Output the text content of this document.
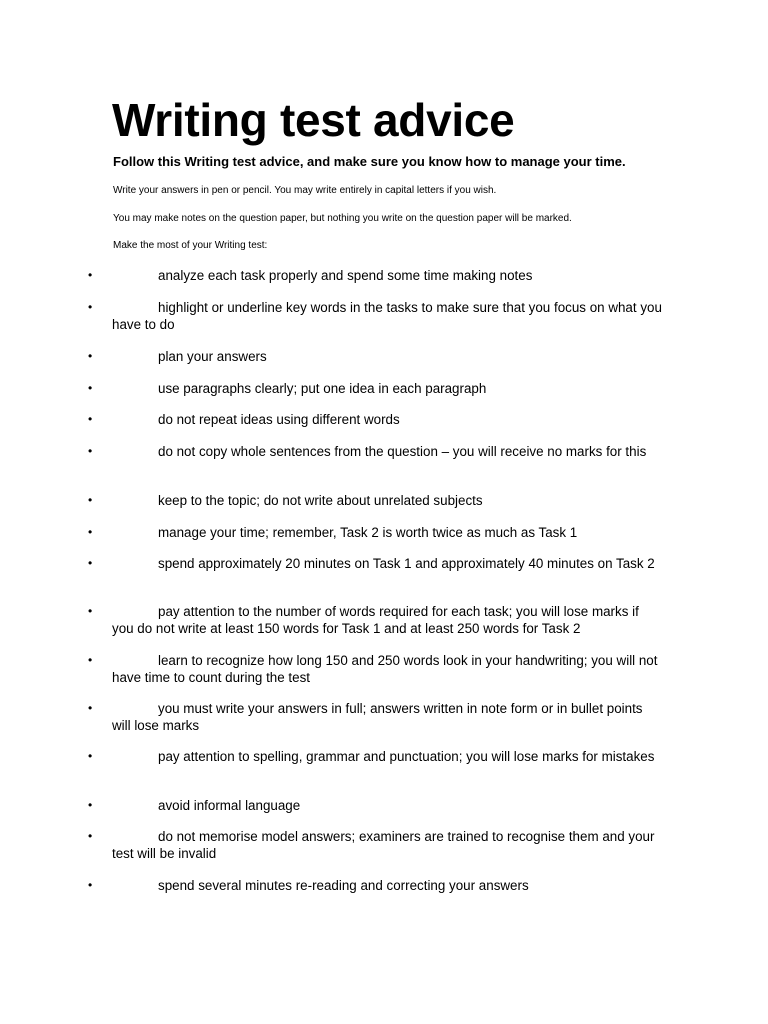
Writing test advice

Follow this Writing test advice, and make sure you know how to manage your time.

Write your answers in pen or pencil. You may write entirely in capital letters if you wish.

You may make notes on the question paper, but nothing you write on the question paper will be marked.

Make the most of your Writing test:

•	analyze each task properly and spend some time making notes
•	highlight or underline key words in the tasks to make sure that you focus on what you have to do
•	plan your answers
•	use paragraphs clearly; put one idea in each paragraph
•	do not repeat ideas using different words
•	do not copy whole sentences from the question – you will receive no marks for this
•	keep to the topic; do not write about unrelated subjects
•	manage your time; remember, Task 2 is worth twice as much as Task 1
•	spend approximately 20 minutes on Task 1 and approximately 40 minutes on Task 2
•	pay attention to the number of words required for each task; you will lose marks if you do not write at least 150 words for Task 1 and at least 250 words for Task 2
•	learn to recognize how long 150 and 250 words look in your handwriting; you will not have time to count during the test
•	you must write your answers in full; answers written in note form or in bullet points will lose marks
•	pay attention to spelling, grammar and punctuation; you will lose marks for mistakes
•	avoid informal language
•	do not memorise model answers; examiners are trained to recognise them and your test will be invalid
•	spend several minutes re-reading and correcting your answers
